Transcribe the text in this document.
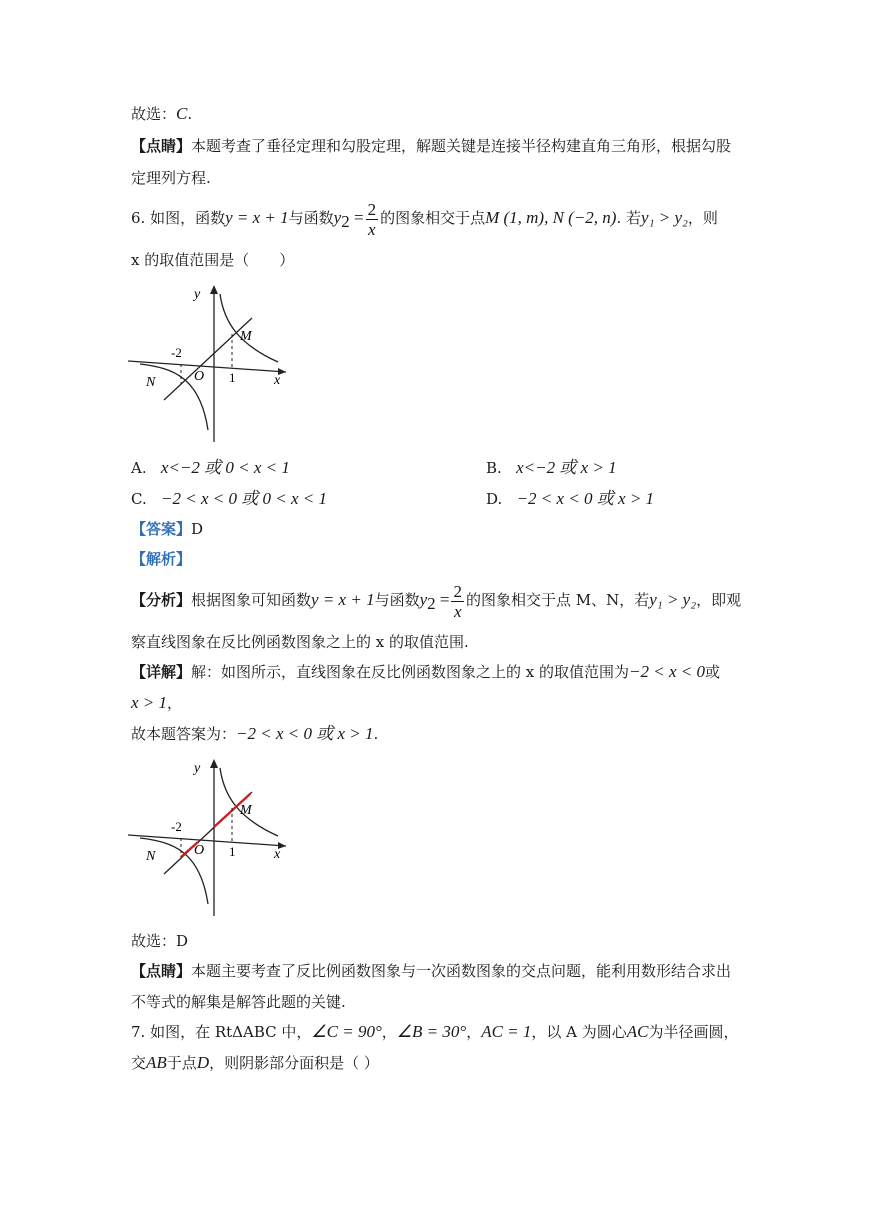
故选：C.
【点睛】本题考查了垂径定理和勾股定理，解题关键是连接半径构建直角三角形，根据勾股
定理列方程.
6. 如图，函数y = x + 1与函数$y_2 = \frac{2}{x}$ 的图象相交于点M (1, m), N (−2, n). 若y₁ > y₂，则
x 的取值范围是（　　）
y
x
O
-2
1
M
N
A. x<−2 或 0 < x < 1	B. x<−2 或 x > 1
C. −2 < x < 0 或 0 < x < 1	D. −2 < x < 0 或 x > 1
【答案】D
【解析】
【分析】根据图象可知函数y = x + 1与函数$y_2 = \frac{2}{x}$ 的图象相交于点 M、N，若y₁ > y₂，即观
察直线图象在反比例函数图象之上的 x 的取值范围.
【详解】解：如图所示，直线图象在反比例函数图象之上的 x 的取值范围为−2 < x < 0或
x > 1，
故本题答案为：−2 < x < 0 或 x > 1.
y
x
O
-2
1
M
N
故选：D
【点睛】本题主要考查了反比例函数图象与一次函数图象的交点问题，能利用数形结合求出
不等式的解集是解答此题的关键.
7. 如图，在 RtΔABC 中，∠C = 90°，∠B = 30°，AC = 1，以 A 为圆心AC为半径画圆，
交AB于点D，则阴影部分面积是（ ）
